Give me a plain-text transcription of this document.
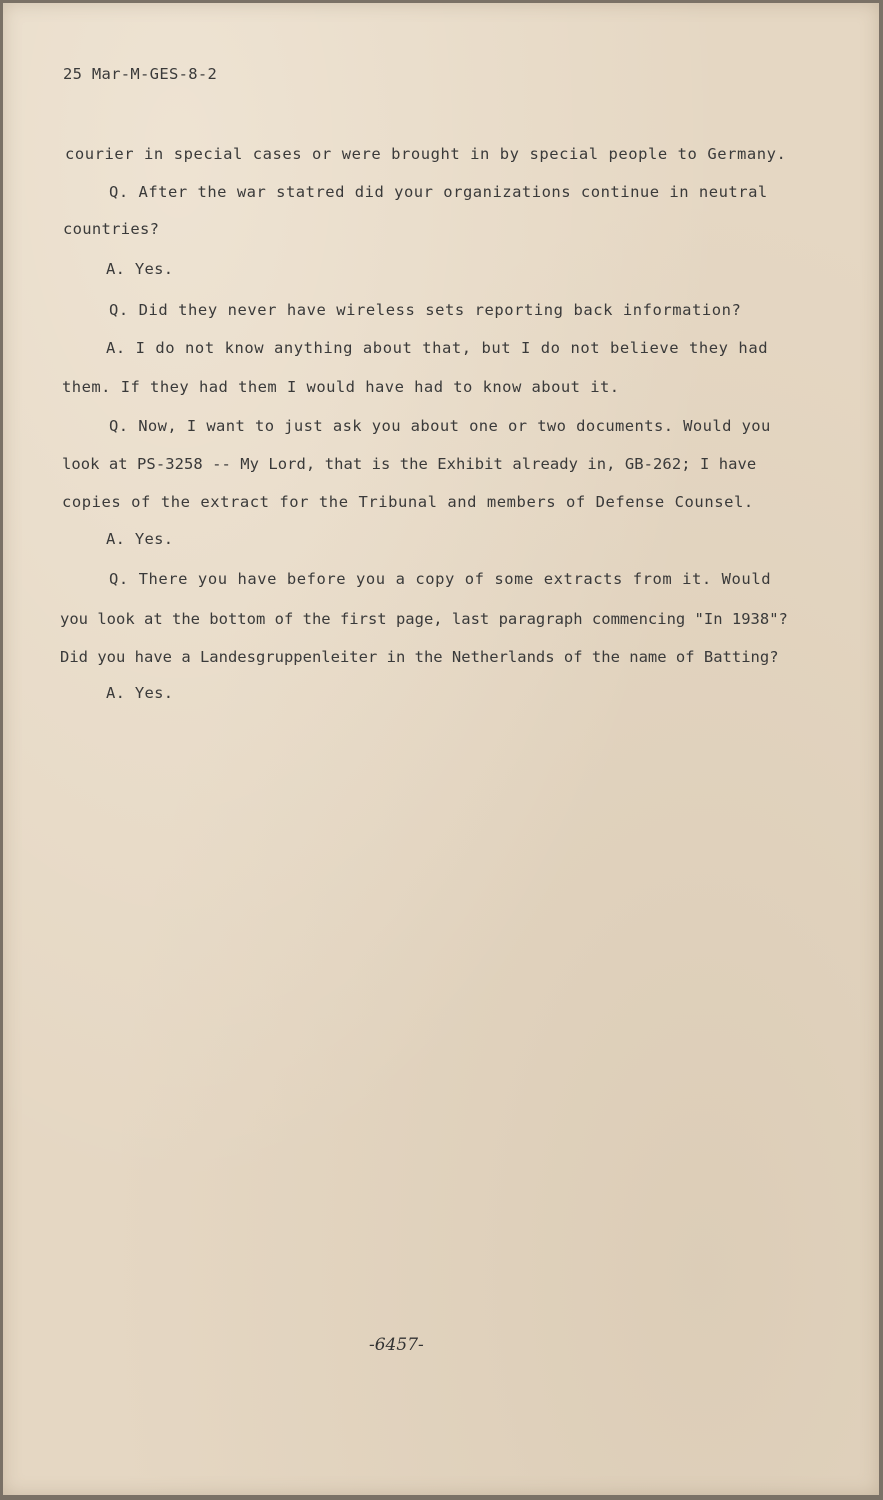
25 Mar-M-GES-8-2
courier in special cases or were brought in by special people to Germany.
Q. After the war statred did your organizations continue in neutral
countries?
A. Yes.
Q. Did they never have wireless sets reporting back information?
A. I do not know anything about that, but I do not believe they had
them. If they had them I would have had to know about it.
Q. Now, I want to just ask you about one or two documents. Would you
look at PS-3258 -- My Lord, that is the Exhibit already in, GB-262; I have
copies of the extract for the Tribunal and members of Defense Counsel.
A. Yes.
Q. There you have before you a copy of some extracts from it. Would
you look at the bottom of the first page, last paragraph commencing "In 1938"?
Did you have a Landesgruppenleiter in the Netherlands of the name of Batting?
A. Yes.
-6457-
